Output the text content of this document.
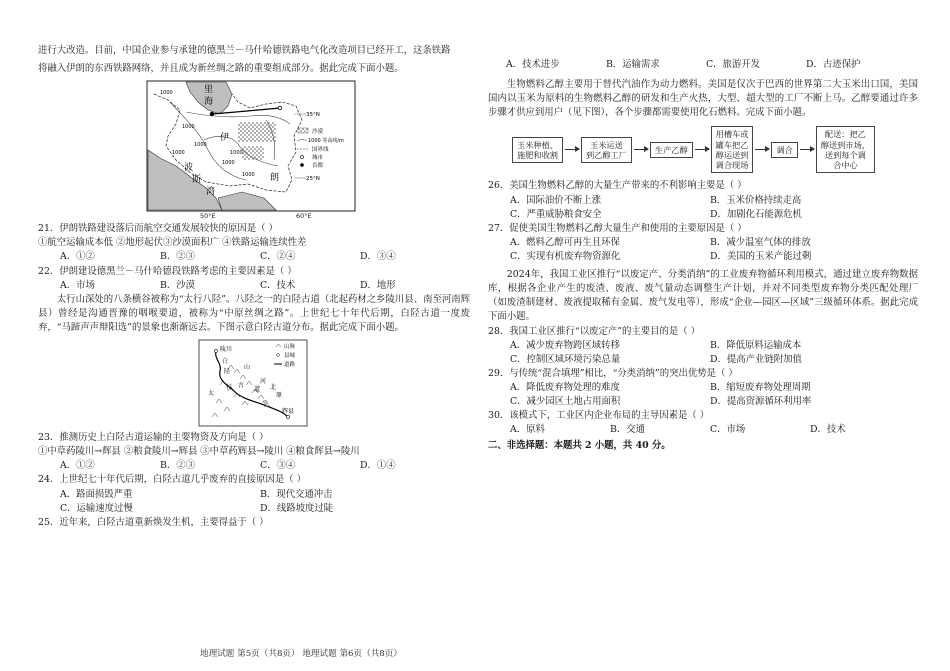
进行大改造。目前，中国企业参与承建的德黑兰－马什哈德铁路电气化改造项目已经开工，这条铁路

将融入伊朗的东西铁路网络，并且成为新丝绸之路的重要组成部分。据此完成下面小题。

里
海
伊
朗
波
斯
湾
1000
1000
1000
1000	1000
1000
1000
35°N
25°N
沙漠
1000 等高线/m
国界线
城市
首都
50°E	60°E

21．伊朗铁路建设落后而航空交通发展较快的原因是（ ）

①航空运输成本低 ②地形起伏③沙漠面积广 ④铁路运输连续性差

A．①②	B．②③	C．②④	D．③④

22．伊朗建设德黑兰－马什哈德段铁路考虑的主要因素是（ ）

A．市场	B．沙漠	C．技术	D．地形

太行山深处的八条横谷被称为“太行八陉”。八陉之一的白陉古道（北起药材之乡陵川县、南至河南辉县）曾经是沟通晋豫的咽喉要道，被称为“中原丝绸之路”。上世纪七十年代后期，白陉古道一度废弃，“马蹄声声辩阳选”的景象也渐渐远去。下图示意白陉古道分布。据此完成下面小题。

陵川
白
山
陉
太
行 古
道
河
北
平
辉县
原
山脉
县城
道路

23．推测历史上白陉古道运输的主要物资及方向是（ ）

①中草药陵川→辉县 ②粮食陵川→辉县 ③中草药辉县→陵川 ④粮食辉县→陵川

A．①②	B．②③	C．③④	D．①④

24．上世纪七十年代后期，白陉古道几乎废弃的直接原因是（ ）

A．路面损毁严重	B．现代交通冲击
C．运输速度过慢	D．线路坡度过陡

25．近年来，白陉古道重新焕发生机，主要得益于（ ）

地理试题 第5页（共8页） 地理试题 第6页（共8页）
A．技术进步	B．运输需求	C．旅游开发	D．古迹保护

生物燃料乙醇主要用于替代汽油作为动力燃料。美国是仅次于巴西的世界第二大玉米出口国，美国国内以玉米为原料的生物燃料乙醇的研发和生产火热，大型、超大型的工厂不断上马。乙醇要通过许多步骤才供应到用户（见下图），各个步骤都需要使用化石燃料。完成下面小题。

玉米种植、
施肥和收割
玉米运送
到乙醇工厂
生产乙醇
用槽车或
罐车把乙
醇运送到
调合现场
调合
配送：把乙
醇送到市场，
送到每个调
合中心

26．美国生物燃料乙醇的大量生产带来的不利影响主要是（ ）

A．国际油价不断上涨	B．玉米价格持续走高
C．严重威胁粮食安全	D．加剧化石能源危机

27．促使美国生物燃料乙醇大量生产和使用的主要原因是（ ）

A．燃料乙醇可再生且环保	B．减少温室气体的排放
C．实现有机废弃物资源化	D．美国的玉米产能过剩

2024年，我国工业区推行“以废定产、分类消纳”的工业废弃物循环利用模式，通过建立废弃物数据库，根据各企业产生的废渣、废液、废气量动态调整生产计划，并对不同类型废弃物分类匹配处理厂（如废渣制建材、废液提取稀有金属、废气发电等），形成“企业—园区—区域”三级循环体系。据此完成下面小题。

28．我国工业区推行“以废定产”的主要目的是（ ）

A．减少废弃物跨区域转移	B．降低原料运输成本
C．控制区域环境污染总量	D．提高产业链附加值

29．与传统“混合填埋”相比，“分类消纳”的突出优势是（ ）

A．降低废弃物处理的难度	B．缩短废弃物处理周期
C．减少园区土地占用面积	D．提高资源循环利用率

30．该模式下，工业区内企业布局的主导因素是（ ）

A．原料	B．交通	C．市场	D．技术

二、非选择题：本题共 2 小题，共 40 分。
